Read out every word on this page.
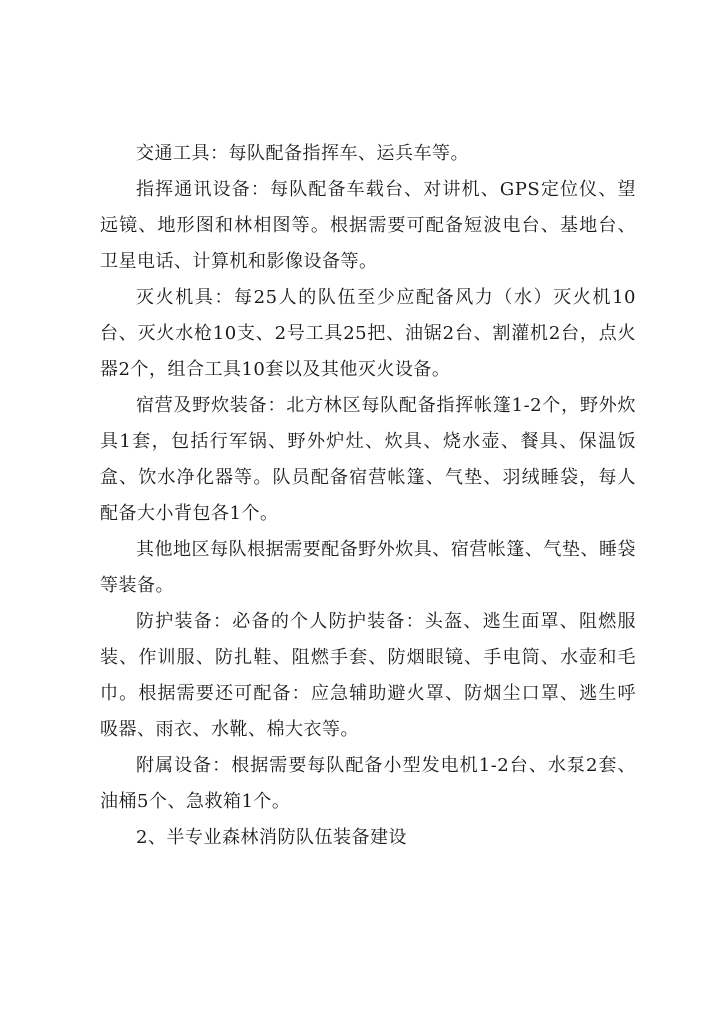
交通工具：每队配备指挥车、运兵车等。

指挥通讯设备：每队配备车载台、对讲机、GPS定位仪、望远镜、地形图和林相图等。根据需要可配备短波电台、基地台、卫星电话、计算机和影像设备等。

灭火机具：每25人的队伍至少应配备风力（水）灭火机10台、灭火水枪10支、2号工具25把、油锯2台、割灌机2台，点火器2个，组合工具10套以及其他灭火设备。

宿营及野炊装备：北方林区每队配备指挥帐篷1-2个，野外炊具1套，包括行军锅、野外炉灶、炊具、烧水壶、餐具、保温饭盒、饮水净化器等。队员配备宿营帐篷、气垫、羽绒睡袋，每人配备大小背包各1个。

其他地区每队根据需要配备野外炊具、宿营帐篷、气垫、睡袋等装备。

防护装备：必备的个人防护装备：头盔、逃生面罩、阻燃服装、作训服、防扎鞋、阻燃手套、防烟眼镜、手电筒、水壶和毛巾。根据需要还可配备：应急辅助避火罩、防烟尘口罩、逃生呼吸器、雨衣、水靴、棉大衣等。

附属设备：根据需要每队配备小型发电机1-2台、水泵2套、油桶5个、急救箱1个。

2、半专业森林消防队伍装备建设
